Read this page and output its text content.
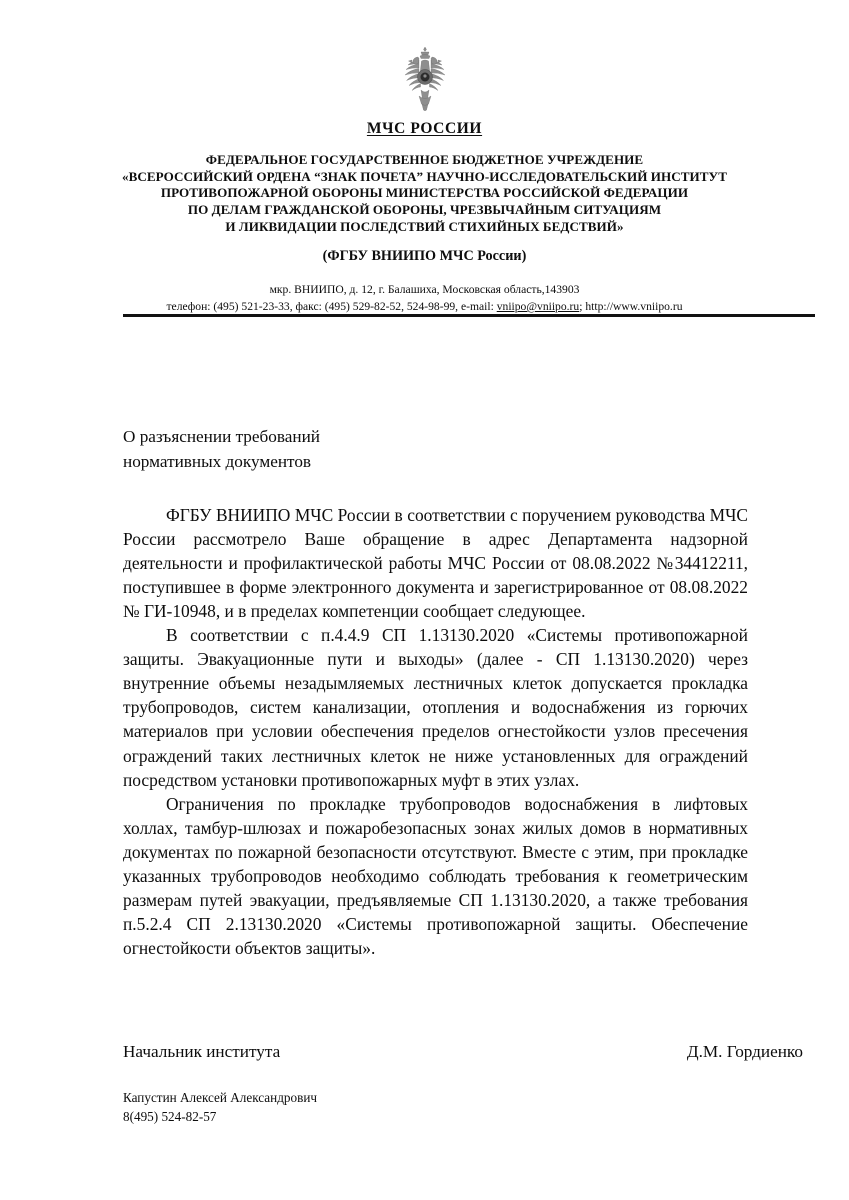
МЧС РОССИИ
ФЕДЕРАЛЬНОЕ ГОСУДАРСТВЕННОЕ БЮДЖЕТНОЕ УЧРЕЖДЕНИЕ
«ВСЕРОССИЙСКИЙ ОРДЕНА “ЗНАК ПОЧЕТА” НАУЧНО-ИССЛЕДОВАТЕЛЬСКИЙ ИНСТИТУТ
ПРОТИВОПОЖАРНОЙ ОБОРОНЫ МИНИСТЕРСТВА РОССИЙСКОЙ ФЕДЕРАЦИИ
ПО ДЕЛАМ ГРАЖДАНСКОЙ ОБОРОНЫ, ЧРЕЗВЫЧАЙНЫМ СИТУАЦИЯМ
И ЛИКВИДАЦИИ ПОСЛЕДСТВИЙ СТИХИЙНЫХ БЕДСТВИЙ»
(ФГБУ ВНИИПО МЧС России)
мкр. ВНИИПО, д. 12, г. Балашиха, Московская область,143903
телефон: (495) 521-23-33, факс: (495) 529-82-52, 524-98-99, e-mail: vniipo@vniipo.ru; http://www.vniipo.ru
О разъяснении требований
нормативных документов

ФГБУ ВНИИПО МЧС России в соответствии с поручением руководства МЧС России рассмотрело Ваше обращение в адрес Департамента надзорной деятельности и профилактической работы МЧС России от 08.08.2022 №34412211, поступившее в форме электронного документа и зарегистрированное от 08.08.2022 № ГИ-10948, и в пределах компетенции сообщает следующее.

В соответствии с п.4.4.9 СП 1.13130.2020 «Системы противопожарной защиты. Эвакуационные пути и выходы» (далее - СП 1.13130.2020) через внутренние объемы незадымляемых лестничных клеток допускается прокладка трубопроводов, систем канализации, отопления и водоснабжения из горючих материалов при условии обеспечения пределов огнестойкости узлов пресечения ограждений таких лестничных клеток не ниже установленных для ограждений посредством установки противопожарных муфт в этих узлах.

Ограничения по прокладке трубопроводов водоснабжения в лифтовых холлах, тамбур-шлюзах и пожаробезопасных зонах жилых домов в нормативных документах по пожарной безопасности отсутствуют. Вместе с этим, при прокладке указанных трубопроводов необходимо соблюдать требования к геометрическим размерам путей эвакуации, предъявляемые СП 1.13130.2020, а также требования п.5.2.4 СП 2.13130.2020 «Системы противопожарной защиты. Обеспечение огнестойкости объектов защиты».

Начальник института	Д.М. Гордиенко
Капустин Алексей Александрович
8(495) 524-82-57
